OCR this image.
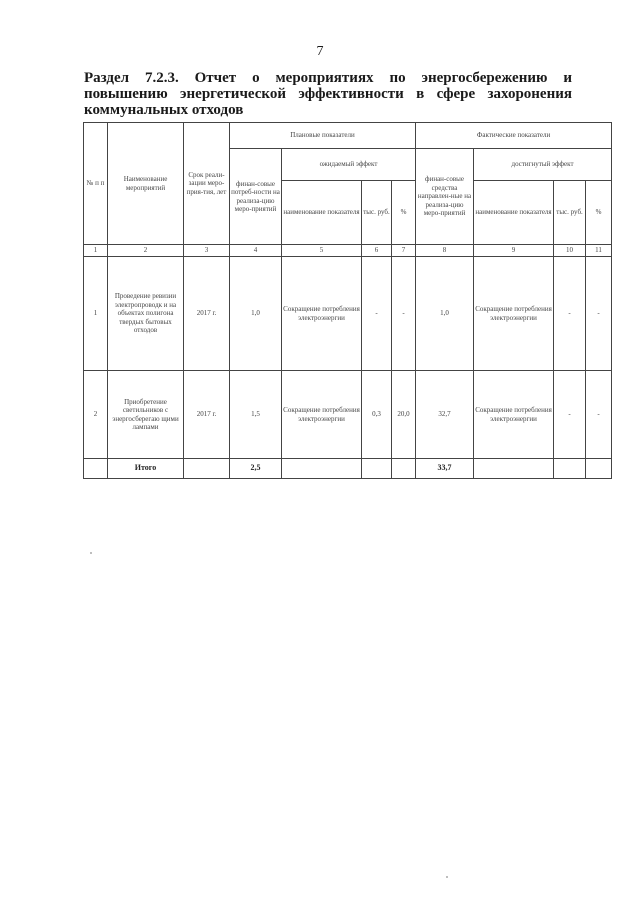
7
Раздел 7.2.3. Отчет о мероприятиях по энергосбережению и
повышению энергетической эффективности в сфере захоронения
коммунальных отходов
№ п п	Наименование мероприятий	Срок реали-зации меро-прия-тия, лет	Плановые показатели				Фактические показатели			
			финан-совые потреб-ности на реализа-цию меро-приятий	ожидаемый эффект			финан-совые средства направлен-ные на реализа-цию меро-приятий	достигнутый эффект		
				наименование показателя	тыс. руб.	%		наименование показателя	тыс. руб.	%
1	2	3	4	5	6	7	8	9	10	11
1	Проведение ревизии электропроводк и на объектах полигона твердых бытовых отходов	2017 г.	1,0	Сокращение потребления электроэнергии	-	-	1,0	Сокращение потребления электроэнергии	-	-
2	Приобретение светильников с энергосберегаю щими лампами	2017 г.	1,5	Сокращение потребления электроэнергии	0,3	20,0	32,7	Сокращение потребления электроэнергии	-	-
	Итого		2,5				33,7			
